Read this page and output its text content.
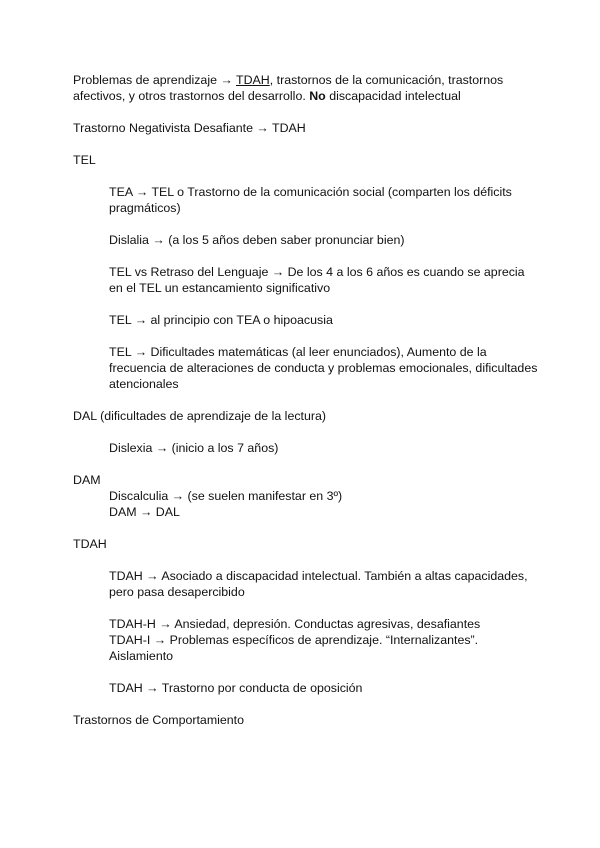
Problemas de aprendizaje → TDAH, trastornos de la comunicación, trastornos
afectivos, y otros trastornos del desarrollo. No discapacidad intelectual
Trastorno Negativista Desafiante → TDAH
TEL
TEA → TEL o Trastorno de la comunicación social (comparten los déficits
pragmáticos)
Dislalia → (a los 5 años deben saber pronunciar bien)
TEL vs Retraso del Lenguaje → De los 4 a los 6 años es cuando se aprecia
en el TEL un estancamiento significativo
TEL → al principio con TEA o hipoacusia
TEL → Dificultades matemáticas (al leer enunciados), Aumento de la
frecuencia de alteraciones de conducta y problemas emocionales, dificultades
atencionales
DAL (dificultades de aprendizaje de la lectura)
Dislexia → (inicio a los 7 años)
DAM
Discalculia → (se suelen manifestar en 3º)
DAM → DAL
TDAH
TDAH → Asociado a discapacidad intelectual. También a altas capacidades,
pero pasa desapercibido
TDAH-H → Ansiedad, depresión. Conductas agresivas, desafiantes
TDAH-I → Problemas específicos de aprendizaje. “Internalizantes”.
Aislamiento
TDAH → Trastorno por conducta de oposición
Trastornos de Comportamiento
